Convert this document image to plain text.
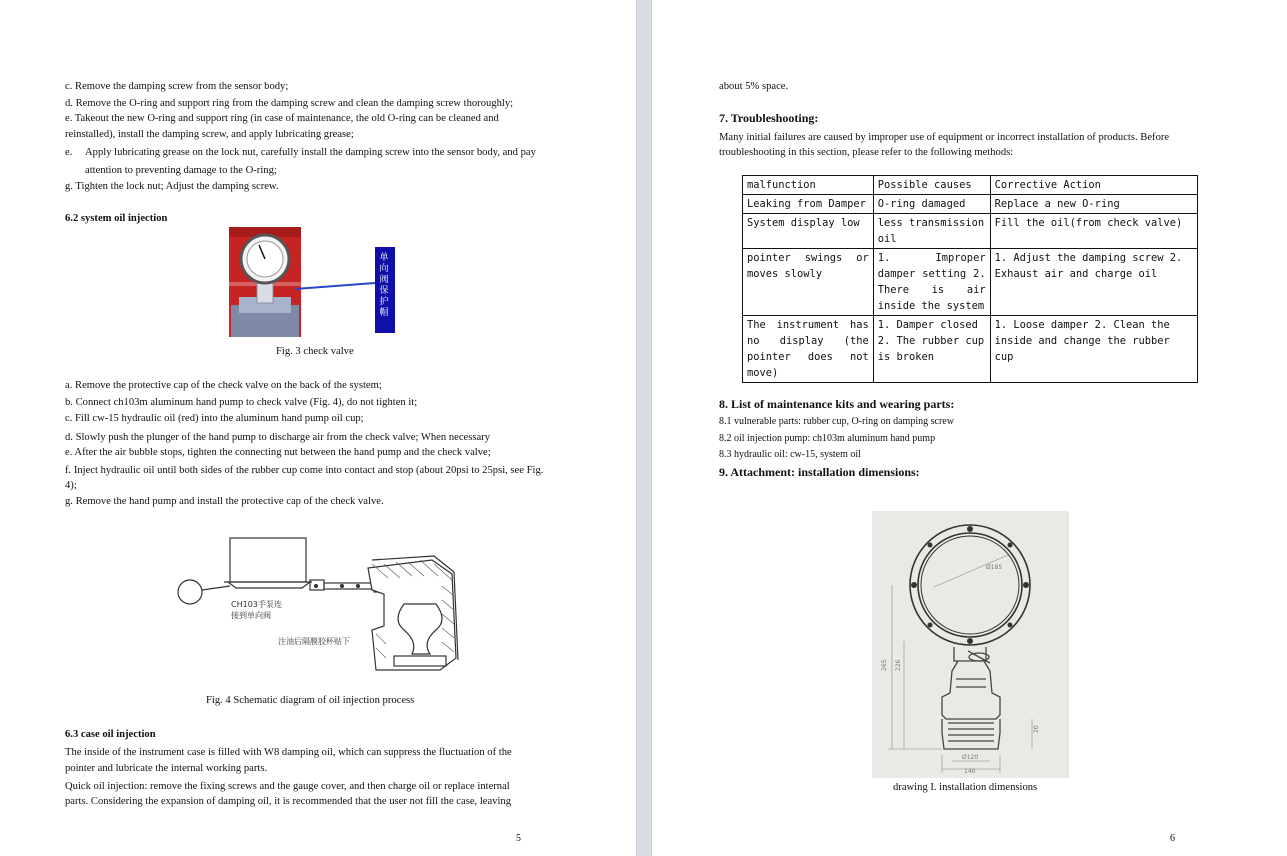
c. Remove the damping screw from the sensor body;
d. Remove the O-ring and support ring from the damping screw and clean the damping screw thoroughly;
e. Takeout the new O-ring and support ring (in case of maintenance, the old O-ring can be cleaned and
reinstalled), install the damping screw, and apply lubricating grease;
e. Apply lubricating grease on the lock nut, carefully install the damping screw into the sensor body, and pay
attention to preventing damage to the O-ring;
g. Tighten the lock nut; Adjust the damping screw.
6.2 system oil injection
单向阀保护帽
Fig. 3 check valve
a. Remove the protective cap of the check valve on the back of the system;
b. Connect ch103m aluminum hand pump to check valve (Fig. 4), do not tighten it;
c. Fill cw-15 hydraulic oil (red) into the aluminum hand pump oil cup;
d. Slowly push the plunger of the hand pump to discharge air from the check valve; When necessary
e. After the air bubble stops, tighten the connecting nut between the hand pump and the check valve;
f. Inject hydraulic oil until both sides of the rubber cup come into contact and stop (about 20psi to 25psi, see Fig.
4);
g. Remove the hand pump and install the protective cap of the check valve.
CH103手泵连
接到单向阀
注油后隔膜胶杯贴下
Fig. 4 Schematic diagram of oil injection process
6.3 case oil injection
The inside of the instrument case is filled with W8 damping oil, which can suppress the fluctuation of the
pointer and lubricate the internal working parts.
Quick oil injection: remove the fixing screws and the gauge cover, and then charge oil or replace internal
parts. Considering the expansion of damping oil, it is recommended that the user not fill the case, leaving
5
about 5% space.
7. Troubleshooting:
Many initial failures are caused by improper use of equipment or incorrect installation of products. Before
troubleshooting in this section, please refer to the following methods:
malfunction	Possible causes	Corrective Action
Leaking from Damper	O-ring damaged	Replace a new O-ring
System display low	less transmission oil	Fill the oil(from check valve)
pointer swings or moves slowly	1. Improper damper setting 2. There is air inside the system	1. Adjust the damping screw 2. Exhaust air and charge oil
The instrument has no display (the pointer does not move)	1. Damper closed 2. The rubber cup is broken	1. Loose damper 2. Clean the inside and change the rubber cup
8. List of maintenance kits and wearing parts:
8.1 vulnerable parts: rubber cup, O-ring on damping screw
8.2 oil injection pump: ch103m aluminum hand pump
8.3 hydraulic oil: cw-15, system oil
9. Attachment: installation dimensions:
Ø185
265 226
Ø120
140
20
drawing I. installation dimensions
6
